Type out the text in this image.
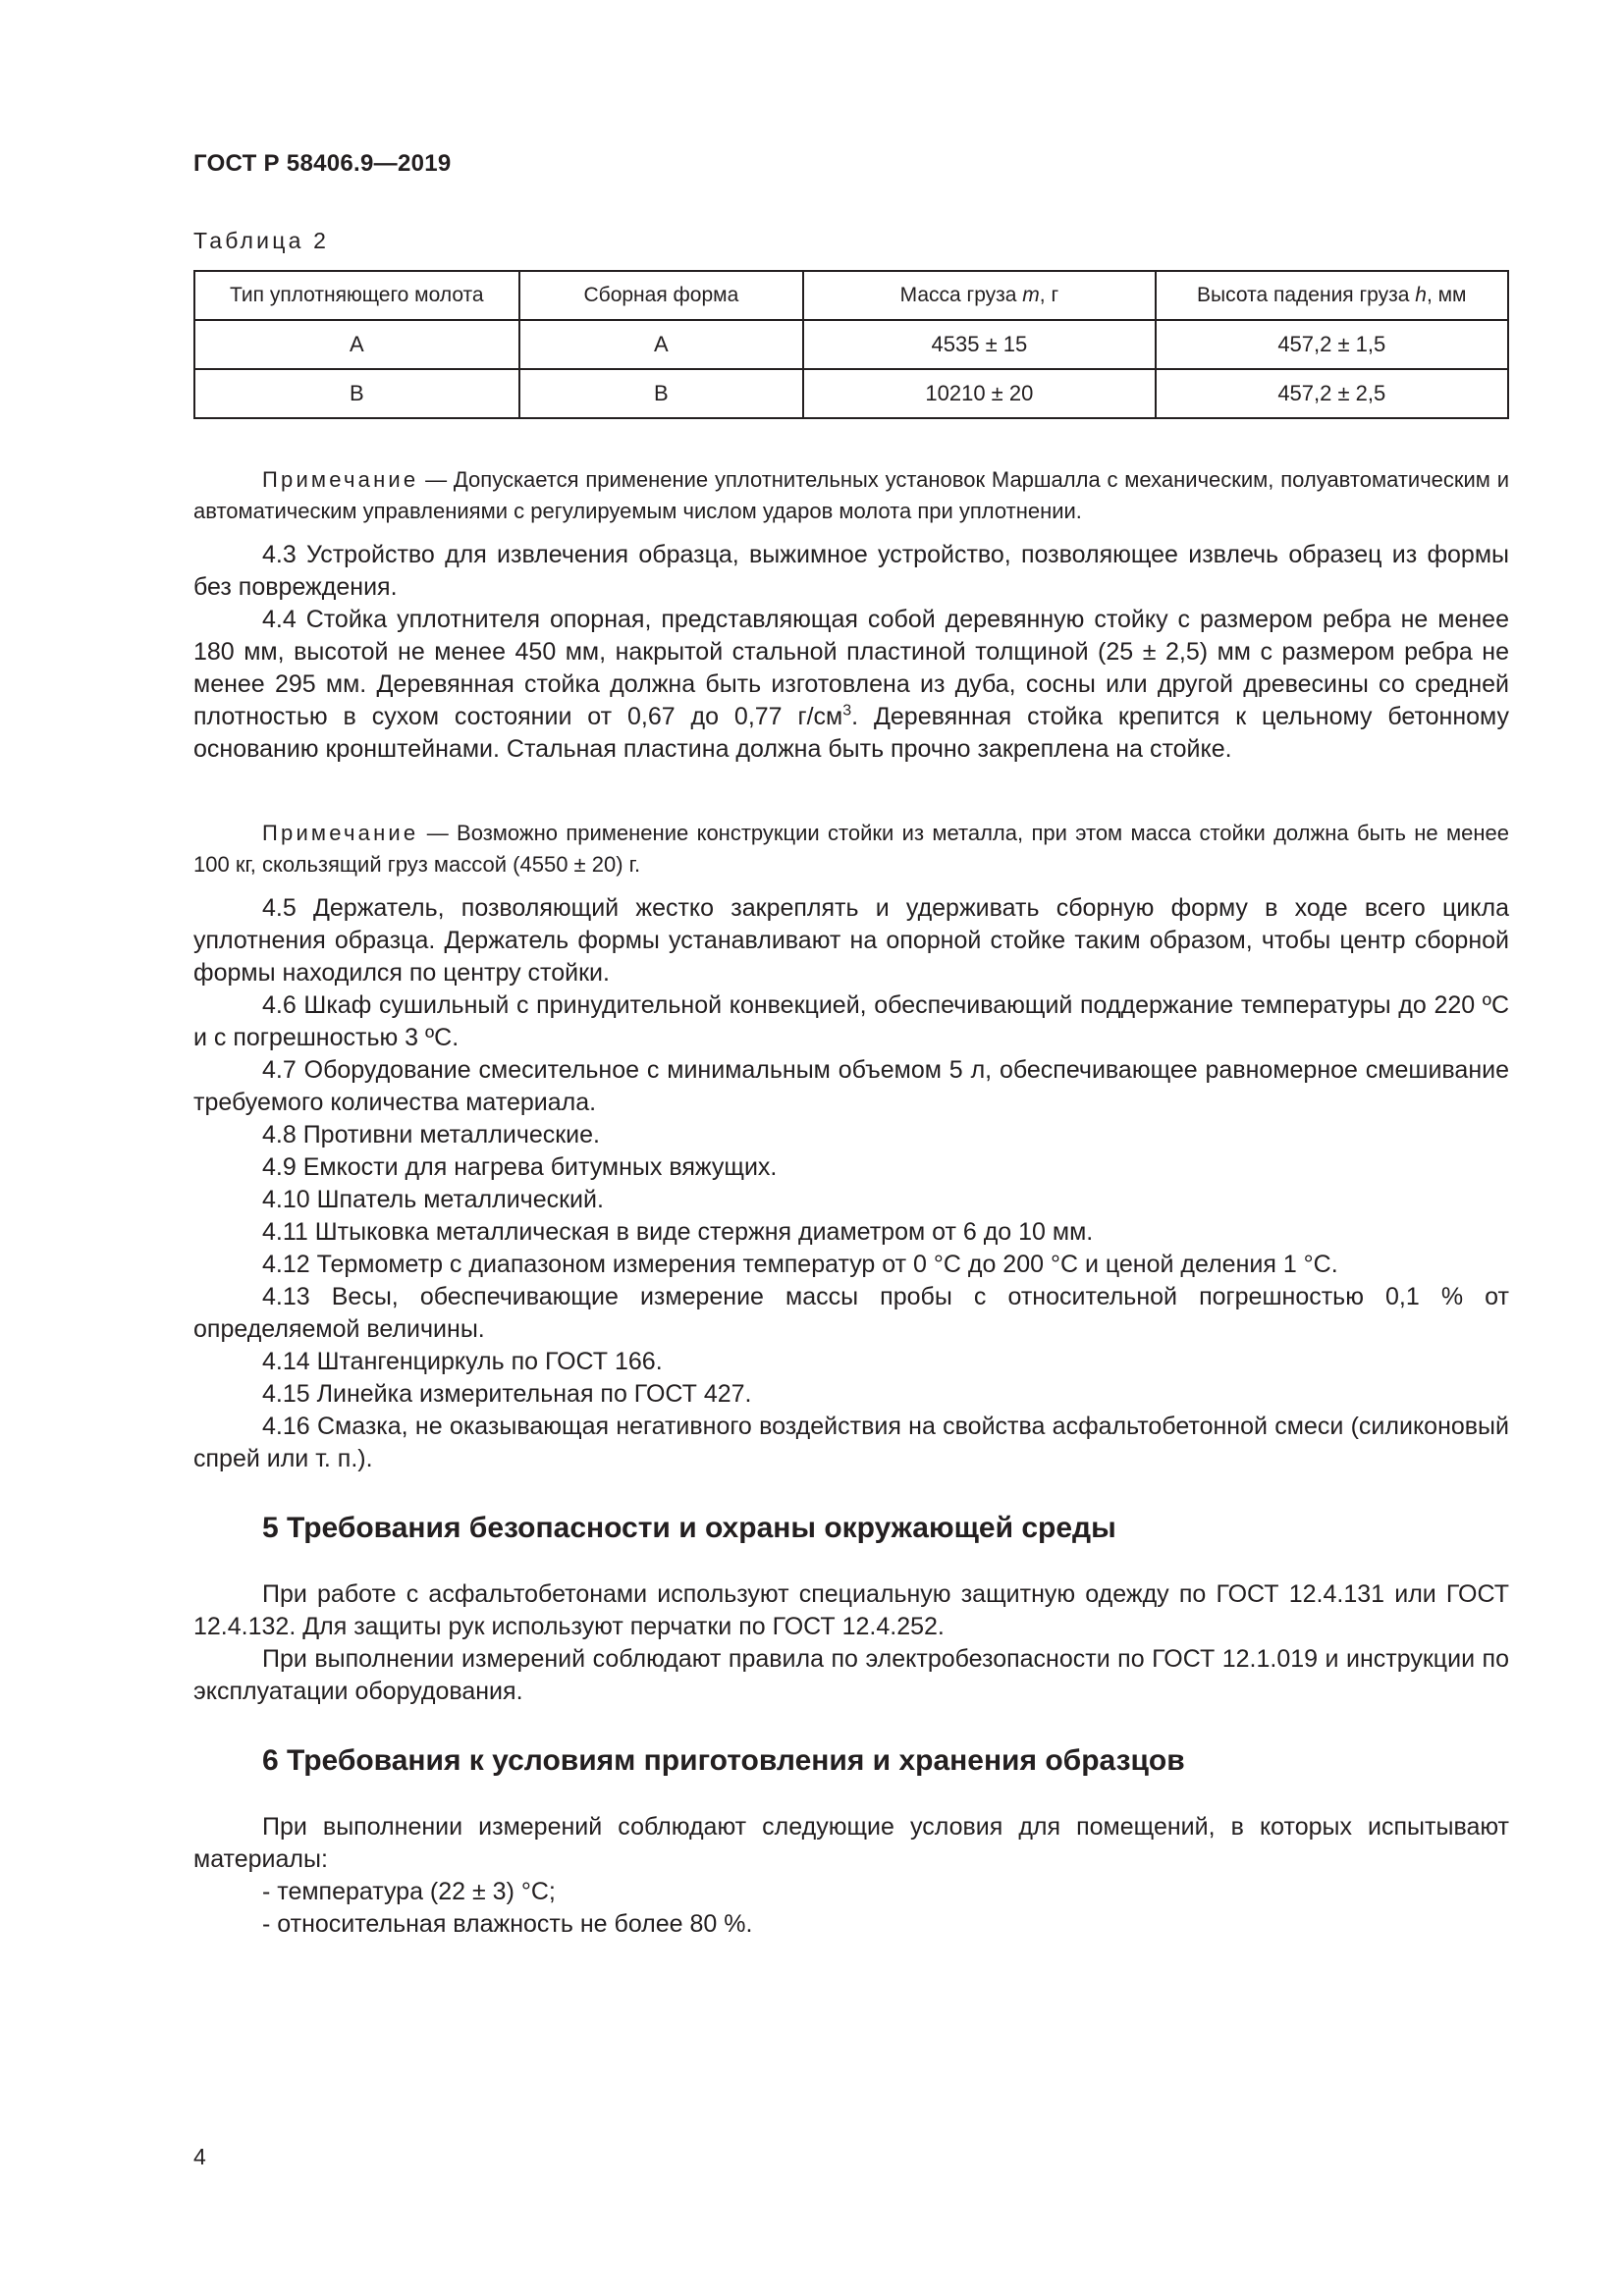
ГОСТ Р 58406.9—2019
Таблица 2
Тип уплотняющего молота	Сборная форма	Масса груза m, г	Высота падения груза h, мм
А	А	4535 ± 15	457,2 ± 1,5
В	В	10210 ± 20	457,2 ± 2,5

Примечание — Допускается применение уплотнительных установок Маршалла с механическим, полуавтоматическим и автоматическим управлениями с регулируемым числом ударов молота при уплотнении.

4.3 Устройство для извлечения образца, выжимное устройство, позволяющее извлечь образец из формы без повреждения.

4.4 Стойка уплотнителя опорная, представляющая собой деревянную стойку с размером ребра не менее 180 мм, высотой не менее 450 мм, накрытой стальной пластиной толщиной (25 ± 2,5) мм с размером ребра не менее 295 мм. Деревянная стойка должна быть изготовлена из дуба, сосны или другой древесины со средней плотностью в сухом состоянии от 0,67 до 0,77 $г/см^3$. Деревянная стойка крепится к цельному бетонному основанию кронштейнами. Стальная пластина должна быть прочно закреплена на стойке.

Примечание — Возможно применение конструкции стойки из металла, при этом масса стойки должна быть не менее 100 кг, скользящий груз массой (4550 ± 20) г.

4.5 Держатель, позволяющий жестко закреплять и удерживать сборную форму в ходе всего цикла уплотнения образца. Держатель формы устанавливают на опорной стойке таким образом, чтобы центр сборной формы находился по центру стойки.

4.6 Шкаф сушильный с принудительной конвекцией, обеспечивающий поддержание температуры до 220 ºС и с погрешностью 3 ºС.

4.7 Оборудование смесительное с минимальным объемом 5 л, обеспечивающее равномерное смешивание требуемого количества материала.

4.8 Противни металлические.

4.9 Емкости для нагрева битумных вяжущих.

4.10 Шпатель металлический.

4.11 Штыковка металлическая в виде стержня диаметром от 6 до 10 мм.

4.12 Термометр с диапазоном измерения температур от 0 °С до 200 °С и ценой деления 1 °С.

4.13 Весы, обеспечивающие измерение массы пробы с относительной погрешностью 0,1 % от определяемой величины.

4.14 Штангенциркуль по ГОСТ 166.

4.15 Линейка измерительная по ГОСТ 427.

4.16 Смазка, не оказывающая негативного воздействия на свойства асфальтобетонной смеси (силиконовый спрей или т. п.).

5 Требования безопасности и охраны окружающей среды

При работе с асфальтобетонами используют специальную защитную одежду по ГОСТ 12.4.131 или ГОСТ 12.4.132. Для защиты рук используют перчатки по ГОСТ 12.4.252.

При выполнении измерений соблюдают правила по электробезопасности по ГОСТ 12.1.019 и инструкции по эксплуатации оборудования.

6 Требования к условиям приготовления и хранения образцов

При выполнении измерений соблюдают следующие условия для помещений, в которых испытывают материалы:

- температура (22 ± 3) °С;

- относительная влажность не более 80 %.

4
